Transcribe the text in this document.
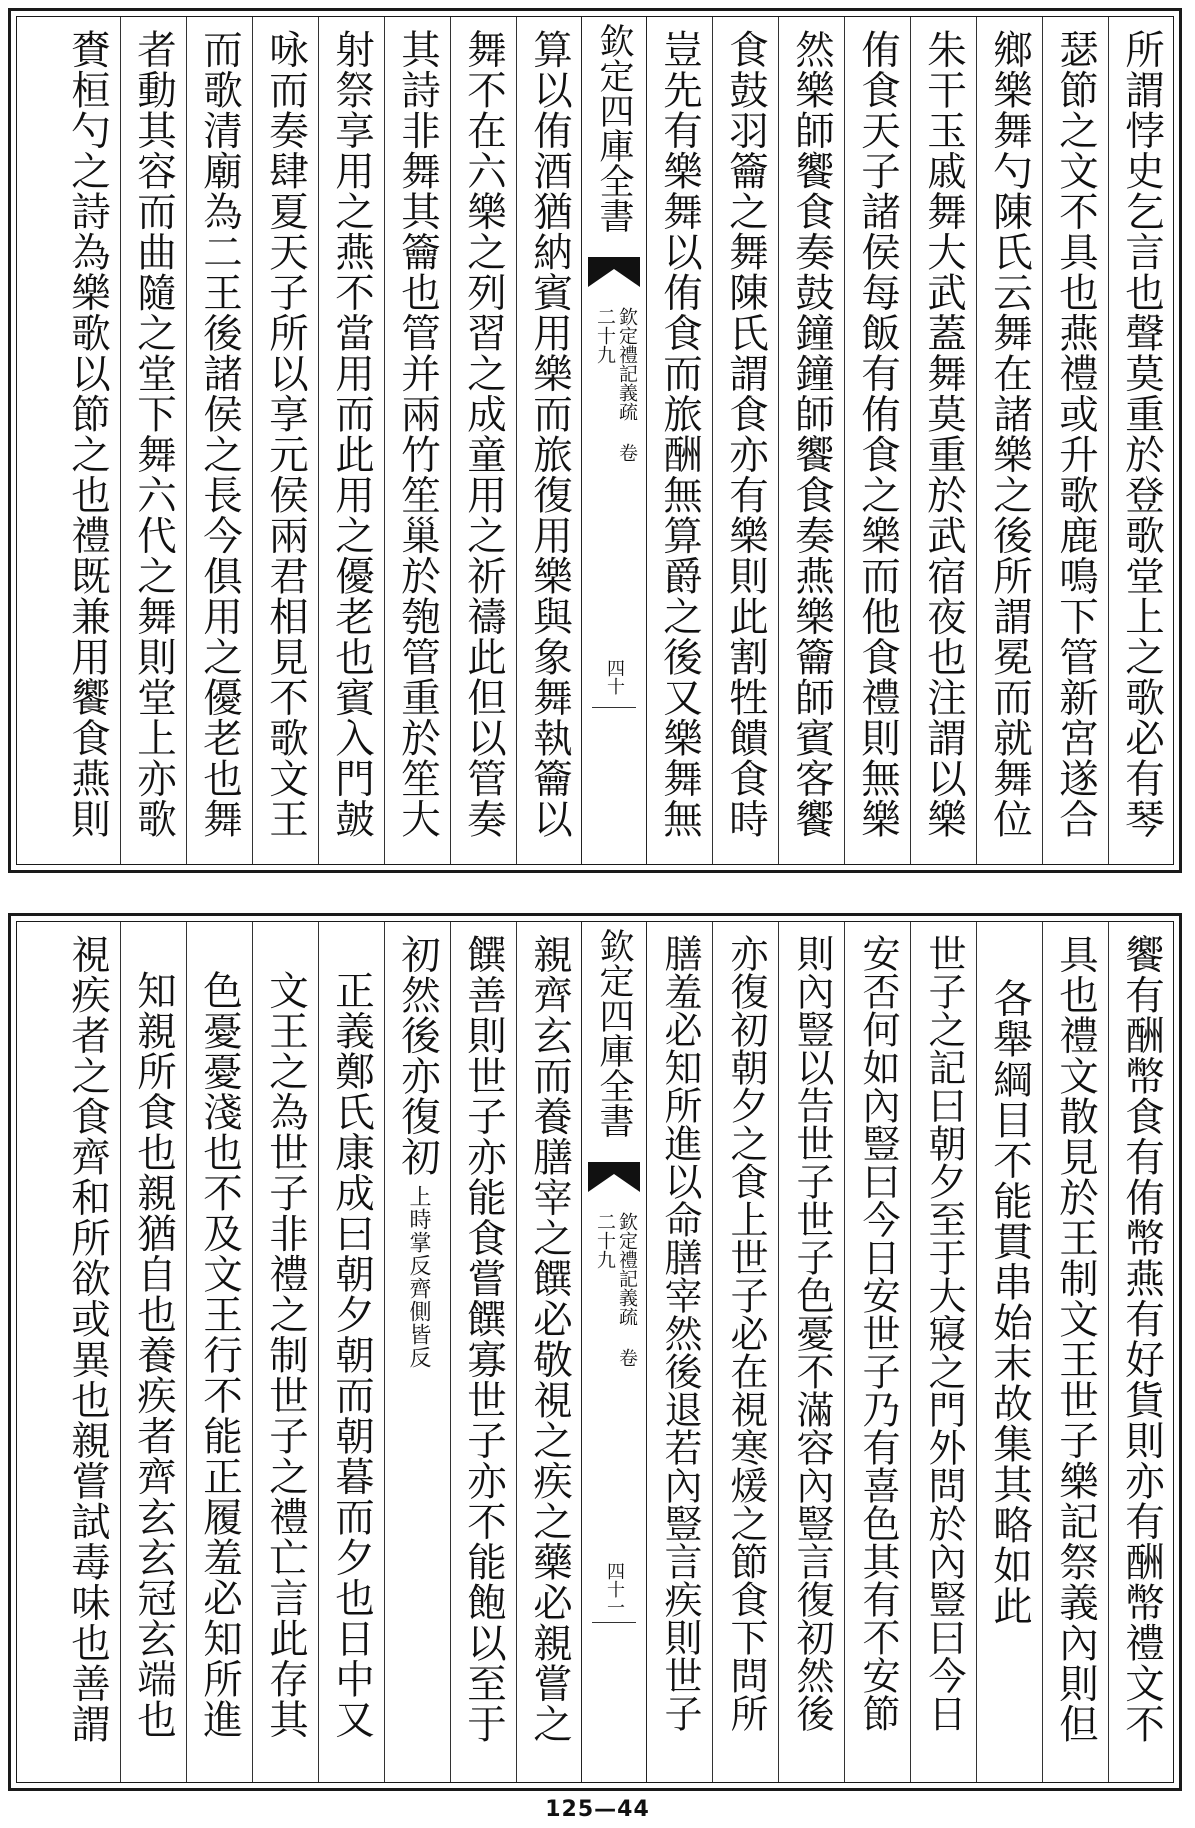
所謂悖史乞言也聲莫重於登歌堂上之歌必有琴
瑟節之文不具也燕禮或升歌鹿鳴下管新宮遂合
鄉樂舞勺陳氏云舞在諸樂之後所謂冕而就舞位
朱干玉戚舞大武蓋舞莫重於武宿夜也注謂以樂
侑食天子諸侯每飯有侑食之樂而他食禮則無樂
然樂師饗食奏鼓鐘鐘師饗食奏燕樂籥師賓客饗
食鼓羽籥之舞陳氏謂食亦有樂則此割牲饋食時
豈先有樂舞以侑食而旅酬無算爵之後又樂舞無
欽定四庫全書
欽定禮記義疏 卷二十九
四十
算以侑酒猶納賓用樂而旅復用樂與象舞執籥以
舞不在六樂之列習之成童用之祈禱此但以管奏
其詩非舞其籥也管并兩竹笙巢於匏管重於笙大
射祭享用之燕不當用而此用之優老也賓入門皷
咏而奏肆夏天子所以享元侯兩君相見不歌文王
而歌清廟為二王後諸侯之長今俱用之優老也舞
者動其容而曲隨之堂下舞六代之舞則堂上亦歌
賚桓勺之詩為樂歌以節之也禮既兼用饗食燕則
饗有酬幣食有侑幣燕有好貨則亦有酬幣禮文不
具也禮文散見於王制文王世子樂記祭義內則但
各舉綱目不能貫串始末故集其略如此
世子之記曰朝夕至于大寢之門外問於內豎曰今日
安否何如內豎曰今日安世子乃有喜色其有不安節
則內豎以告世子世子色憂不滿容內豎言復初然後
亦復初朝夕之食上世子必在視寒煖之節食下問所
膳羞必知所進以命膳宰然後退若內豎言疾則世子
欽定四庫全書
欽定禮記義疏 卷二十九
四十一
親齊玄而養膳宰之饌必敬視之疾之藥必親嘗之
饌善則世子亦能食嘗饌寡世子亦不能飽以至于
初然後亦復初上時掌反齊側皆反
正義鄭氏康成曰朝夕朝而朝暮而夕也日中又
文王之為世子非禮之制世子之禮亡言此存其
色憂憂淺也不及文王行不能正履羞必知所進
知親所食也親猶自也養疾者齊玄玄冠玄端也
視疾者之食齊和所欲或異也親嘗試毒味也善謂
125—44
